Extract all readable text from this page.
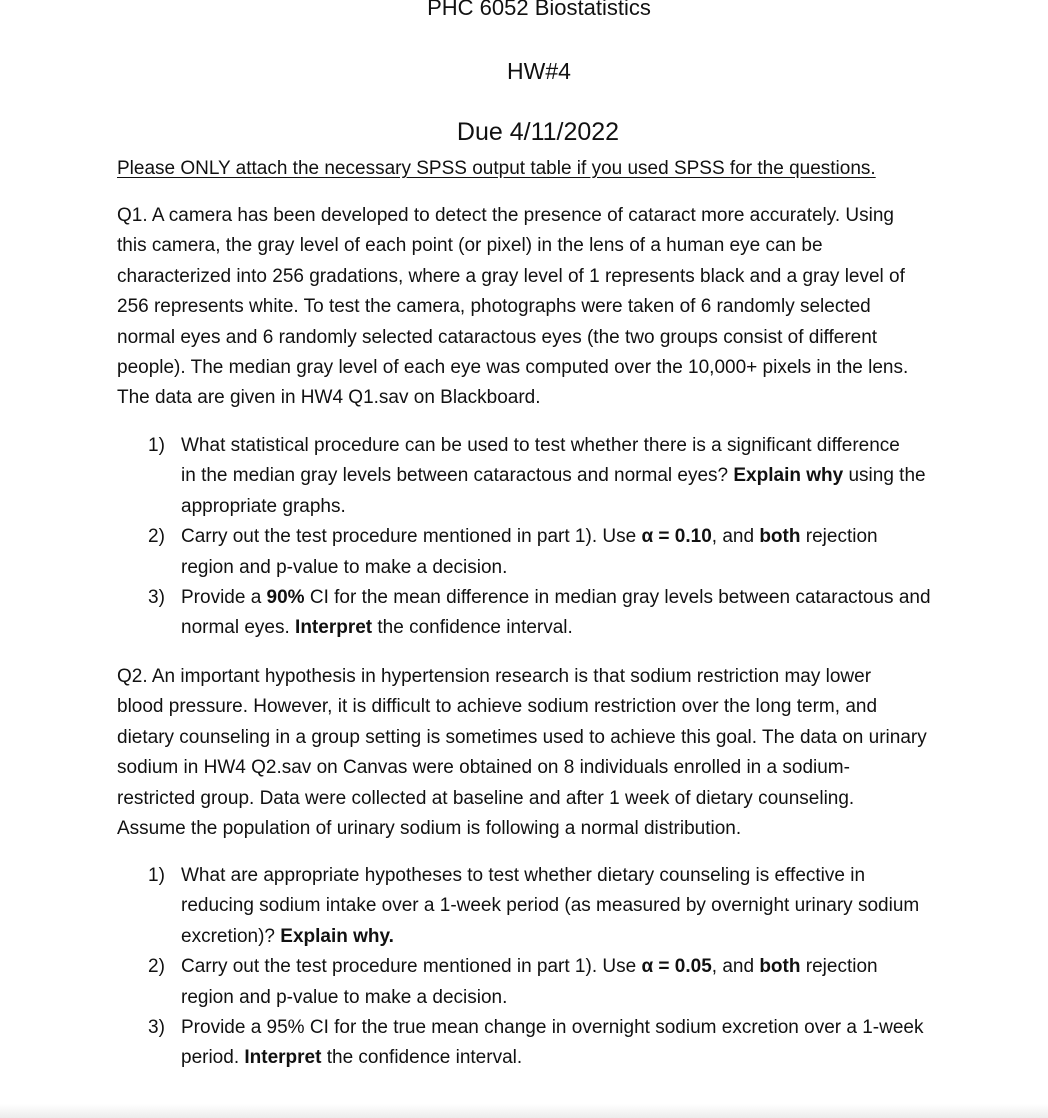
PHC 6052 Biostatistics
HW#4
Due 4/11/2022
Please ONLY attach the necessary SPSS output table if you used SPSS for the questions.

Q1. A camera has been developed to detect the presence of cataract more accurately. Using
this camera, the gray level of each point (or pixel) in the lens of a human eye can be
characterized into 256 gradations, where a gray level of 1 represents black and a gray level of
256 represents white. To test the camera, photographs were taken of 6 randomly selected
normal eyes and 6 randomly selected cataractous eyes (the two groups consist of different
people). The median gray level of each eye was computed over the 10,000+ pixels in the lens.
The data are given in HW4 Q1.sav on Blackboard.

1) What statistical procedure can be used to test whether there is a significant difference
in the median gray levels between cataractous and normal eyes? Explain why using the
appropriate graphs.
2) Carry out the test procedure mentioned in part 1). Use α = 0.10, and both rejection
region and p-value to make a decision.
3) Provide a 90% CI for the mean difference in median gray levels between cataractous and
normal eyes. Interpret the confidence interval.

Q2. An important hypothesis in hypertension research is that sodium restriction may lower
blood pressure. However, it is difficult to achieve sodium restriction over the long term, and
dietary counseling in a group setting is sometimes used to achieve this goal. The data on urinary
sodium in HW4 Q2.sav on Canvas were obtained on 8 individuals enrolled in a sodium-
restricted group. Data were collected at baseline and after 1 week of dietary counseling.
Assume the population of urinary sodium is following a normal distribution.

1) What are appropriate hypotheses to test whether dietary counseling is effective in
reducing sodium intake over a 1-week period (as measured by overnight urinary sodium
excretion)? Explain why.
2) Carry out the test procedure mentioned in part 1). Use α = 0.05, and both rejection
region and p-value to make a decision.
3) Provide a 95% CI for the true mean change in overnight sodium excretion over a 1-week
period. Interpret the confidence interval.
